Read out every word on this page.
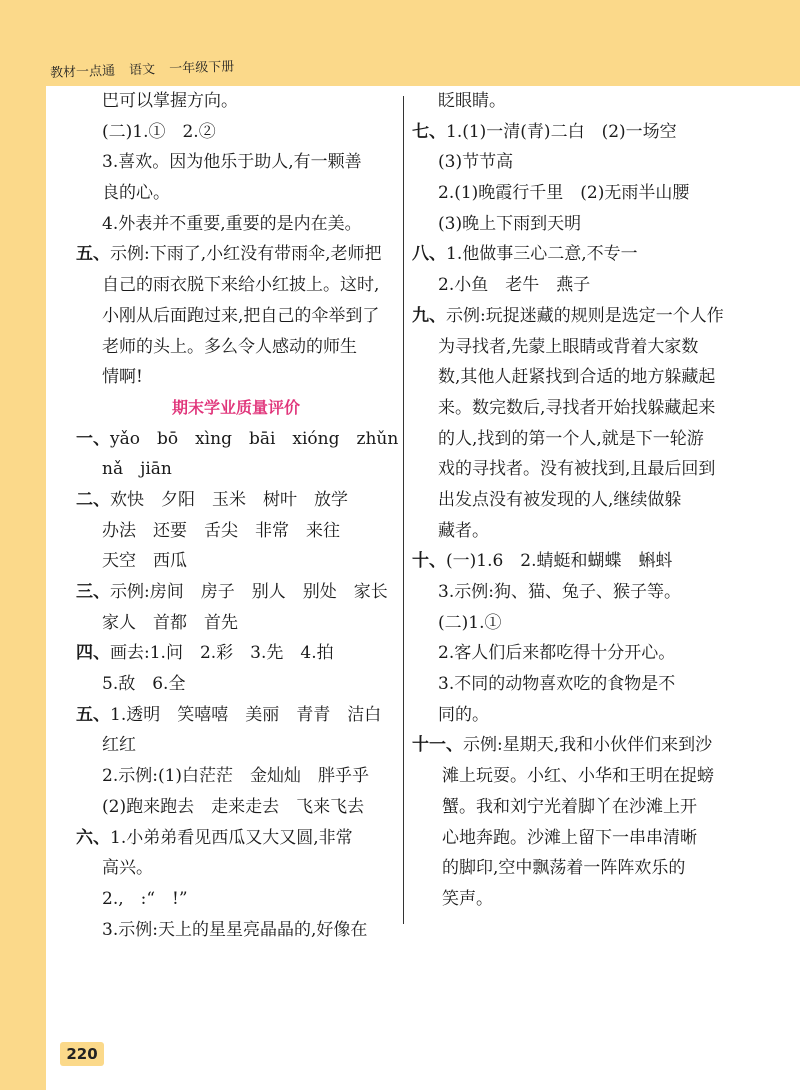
教材一点通 语文 一年级下册
巴可以掌握方向。
(二)1.①　2.②
3.喜欢。因为他乐于助人,有一颗善
良的心。
4.外表并不重要,重要的是内在美。
五、示例:下雨了,小红没有带雨伞,老师把
自己的雨衣脱下来给小红披上。这时,
小刚从后面跑过来,把自己的伞举到了
老师的头上。多么令人感动的师生
情啊!
期末学业质量评价
一、yǎo　bō　xìng　bāi　xióng　zhǔn
nǎ　jiān
二、欢快　夕阳　玉米　树叶　放学
办法　还要　舌尖　非常　来往
天空　西瓜
三、示例:房间　房子　别人　别处　家长
家人　首都　首先
四、画去:1.问　2.彩　3.先　4.拍
5.敌　6.全
五、1.透明　笑嘻嘻　美丽　青青　洁白
红红
2.示例:(1)白茫茫　金灿灿　胖乎乎
(2)跑来跑去　走来走去　飞来飞去
六、1.小弟弟看见西瓜又大又圆,非常
高兴。
2.,　:“　!”
3.示例:天上的星星亮晶晶的,好像在
眨眼睛。
七、1.(1)一清(青)二白　(2)一场空
(3)节节高
2.(1)晚霞行千里　(2)无雨半山腰
(3)晚上下雨到天明
八、1.他做事三心二意,不专一
2.小鱼　老牛　燕子
九、示例:玩捉迷藏的规则是选定一个人作
为寻找者,先蒙上眼睛或背着大家数
数,其他人赶紧找到合适的地方躲藏起
来。数完数后,寻找者开始找躲藏起来
的人,找到的第一个人,就是下一轮游
戏的寻找者。没有被找到,且最后回到
出发点没有被发现的人,继续做躲
藏者。
十、(一)1.6　2.蜻蜓和蝴蝶　蝌蚪
3.示例:狗、猫、兔子、猴子等。
(二)1.①
2.客人们后来都吃得十分开心。
3.不同的动物喜欢吃的食物是不
同的。
十一、示例:星期天,我和小伙伴们来到沙
滩上玩耍。小红、小华和王明在捉螃
蟹。我和刘宁光着脚丫在沙滩上开
心地奔跑。沙滩上留下一串串清晰
的脚印,空中飘荡着一阵阵欢乐的
笑声。
220
